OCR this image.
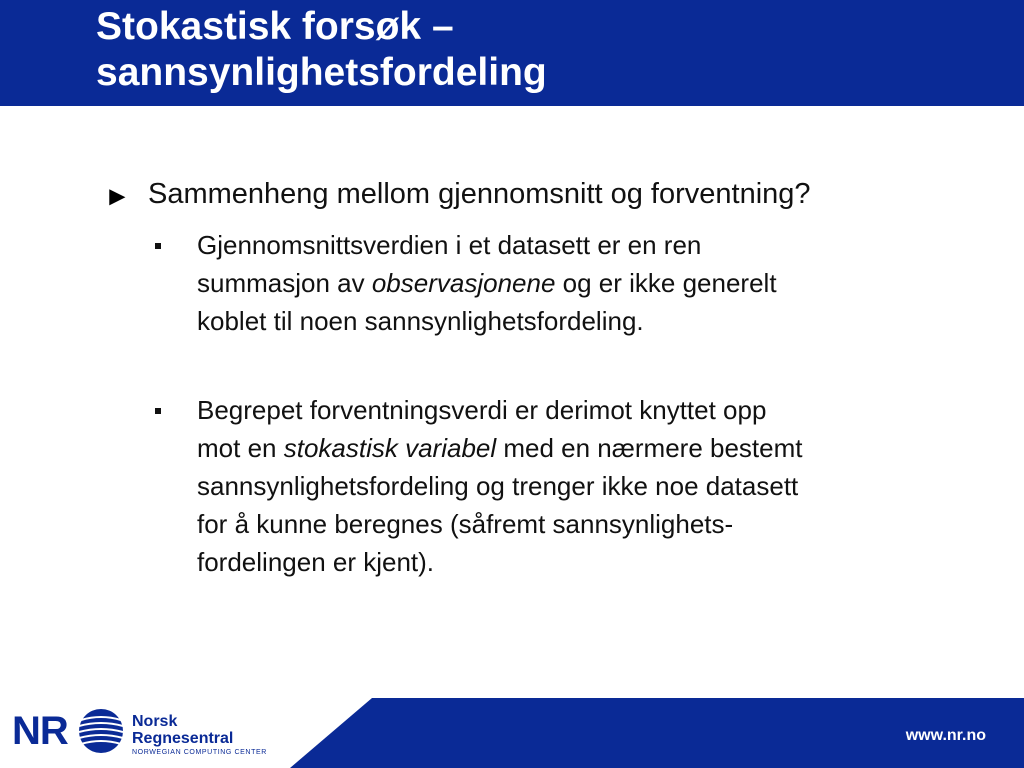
Stokastisk forsøk –
sannsynlighetsfordeling
► Sammenheng mellom gjennomsnitt og forventning?
Gjennomsnittsverdien i et datasett er en ren
summasjon av observasjonene og er ikke generelt
koblet til noen sannsynlighetsfordeling.
Begrepet forventningsverdi er derimot knyttet opp
mot en stokastisk variabel med en nærmere bestemt
sannsynlighetsfordeling og trenger ikke noe datasett
for å kunne beregnes (såfremt sannsynlighets-
fordelingen er kjent).
NR	Norsk
Regnesentral
NORWEGIAN COMPUTING CENTER
www.nr.no
